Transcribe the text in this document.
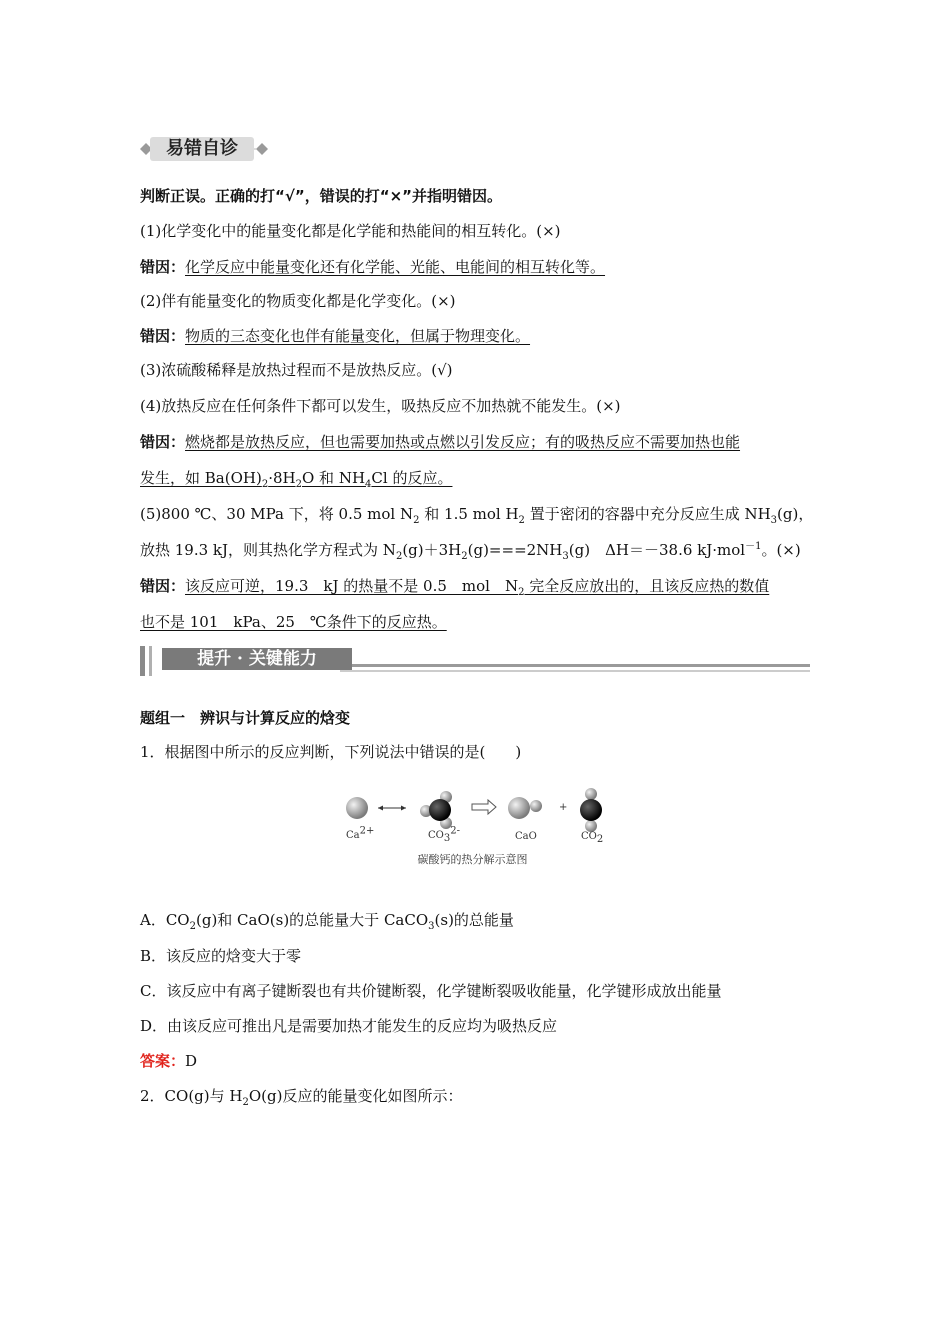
易错自诊
判断正误。正确的打“√”，错误的打“×”并指明错因。
(1)化学变化中的能量变化都是化学能和热能间的相互转化。(×)
错因：化学反应中能量变化还有化学能、光能、电能间的相互转化等。
(2)伴有能量变化的物质变化都是化学变化。(×)
错因：物质的三态变化也伴有能量变化，但属于物理变化。
(3)浓硫酸稀释是放热过程而不是放热反应。(√)
(4)放热反应在任何条件下都可以发生，吸热反应不加热就不能发生。(×)
错因：燃烧都是放热反应，但也需要加热或点燃以引发反应；有的吸热反应不需要加热也能
发生，如 $Ba(OH)_2\cdot 8H_2O$ 和 $NH_4Cl$ 的反应。
(5)800 ℃、30 MPa 下，将 0.5 mol $N_2$ 和 1.5 mol $H_2$ 置于密闭的容器中充分反应生成 $NH_3(g)$，
放热 19.3 kJ，则其热化学方程式为 $N_2(g)+3H_2(g)===2NH_3(g)$　ΔH＝－38.6 kJ·mol$^{-1}$。(×)
错因：该反应可逆，19.3　kJ 的热量不是 0.5　mol　$N_2$ 完全反应放出的，且该反应热的数值
也不是 101　kPa、25　℃条件下的反应热。
提升 · 关键能力
题组一　辨识与计算反应的焓变
1．根据图中所示的反应判断，下列说法中错误的是(　　)
$Ca^{2+}$	$CO_3^{2-}$	CaO
+
$CO_2$
碳酸钙的热分解示意图
A．$CO_2(g)$和 CaO(s)的总能量大于 CaCO$_3$(s)的总能量
B．该反应的焓变大于零
C．该反应中有离子键断裂也有共价键断裂，化学键断裂吸收能量，化学键形成放出能量
D．由该反应可推出凡是需要加热才能发生的反应均为吸热反应
答案：D
2．CO(g)与 $H_2O(g)$反应的能量变化如图所示：
